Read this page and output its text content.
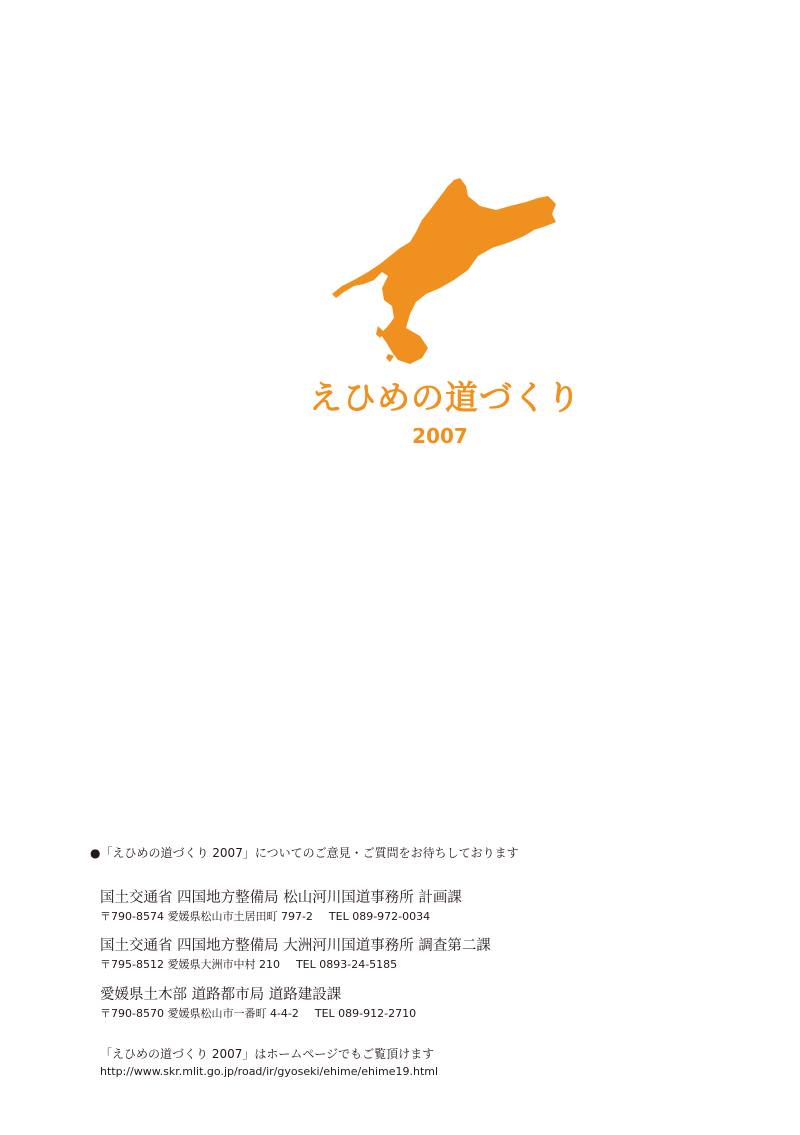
えひめの道づくり
2007
●「えひめの道づくり 2007」についてのご意見・ご質問をお待ちしております
国土交通省 四国地方整備局 松山河川国道事務所 計画課
〒790-8574 愛媛県松山市土居田町 797-2 TEL 089-972-0034
国土交通省 四国地方整備局 大洲河川国道事務所 調査第二課
〒795-8512 愛媛県大洲市中村 210 TEL 0893-24-5185
愛媛県土木部 道路都市局 道路建設課
〒790-8570 愛媛県松山市一番町 4-4-2 TEL 089-912-2710
「えひめの道づくり 2007」はホームページでもご覧頂けます
http://www.skr.mlit.go.jp/road/ir/gyoseki/ehime/ehime19.html
